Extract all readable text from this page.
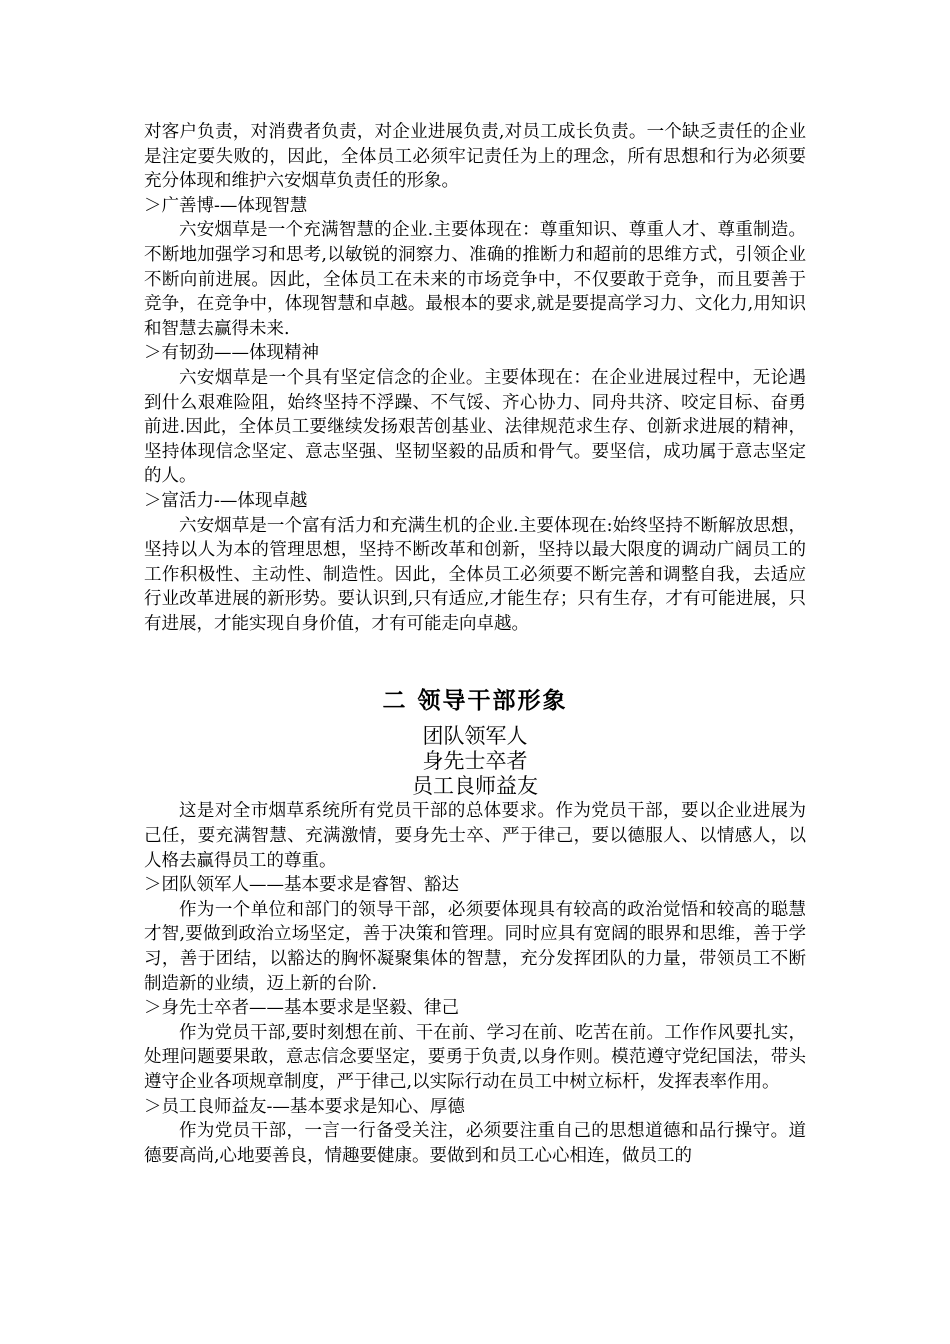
对客户负责，对消费者负责，对企业进展负责,对员工成长负责。一个缺乏责任的企业是注定要失败的，因此，全体员工必须牢记责任为上的理念，所有思想和行为必须要充分体现和维护六安烟草负责任的形象。

＞广善博-—体现智慧

六安烟草是一个充满智慧的企业.主要体现在：尊重知识、尊重人才、尊重制造。不断地加强学习和思考,以敏锐的洞察力、准确的推断力和超前的思维方式，引领企业不断向前进展。因此，全体员工在未来的市场竞争中，不仅要敢于竞争，而且要善于竞争，在竞争中，体现智慧和卓越。最根本的要求,就是要提高学习力、文化力,用知识和智慧去赢得未来.

＞有韧劲——体现精神

六安烟草是一个具有坚定信念的企业。主要体现在：在企业进展过程中，无论遇到什么艰难险阻，始终坚持不浮躁、不气馁、齐心协力、同舟共济、咬定目标、奋勇前进.因此，全体员工要继续发扬艰苦创基业、法律规范求生存、创新求进展的精神，坚持体现信念坚定、意志坚强、坚韧坚毅的品质和骨气。要坚信，成功属于意志坚定的人。

＞富活力-—体现卓越

六安烟草是一个富有活力和充满生机的企业.主要体现在:始终坚持不断解放思想，坚持以人为本的管理思想，坚持不断改革和创新，坚持以最大限度的调动广阔员工的工作积极性、主动性、制造性。因此，全体员工必须要不断完善和调整自我，去适应行业改革进展的新形势。要认识到,只有适应,才能生存；只有生存，才有可能进展，只有进展，才能实现自身价值，才有可能走向卓越。

二 领导干部形象

团队领军人

身先士卒者

员工良师益友

这是对全市烟草系统所有党员干部的总体要求。作为党员干部，要以企业进展为己任，要充满智慧、充满激情，要身先士卒、严于律己，要以德服人、以情感人，以人格去赢得员工的尊重。

＞团队领军人——基本要求是睿智、豁达

作为一个单位和部门的领导干部，必须要体现具有较高的政治觉悟和较高的聪慧才智,要做到政治立场坚定，善于决策和管理。同时应具有宽阔的眼界和思维，善于学习，善于团结，以豁达的胸怀凝聚集体的智慧，充分发挥团队的力量，带领员工不断制造新的业绩，迈上新的台阶.

＞身先士卒者——基本要求是坚毅、律己

作为党员干部,要时刻想在前、干在前、学习在前、吃苦在前。工作作风要扎实，处理问题要果敢，意志信念要坚定，要勇于负责,以身作则。模范遵守党纪国法，带头遵守企业各项规章制度，严于律己,以实际行动在员工中树立标杆，发挥表率作用。

＞员工良师益友-—基本要求是知心、厚德

作为党员干部，一言一行备受关注，必须要注重自己的思想道德和品行操守。道德要高尚,心地要善良，情趣要健康。要做到和员工心心相连，做员工的
